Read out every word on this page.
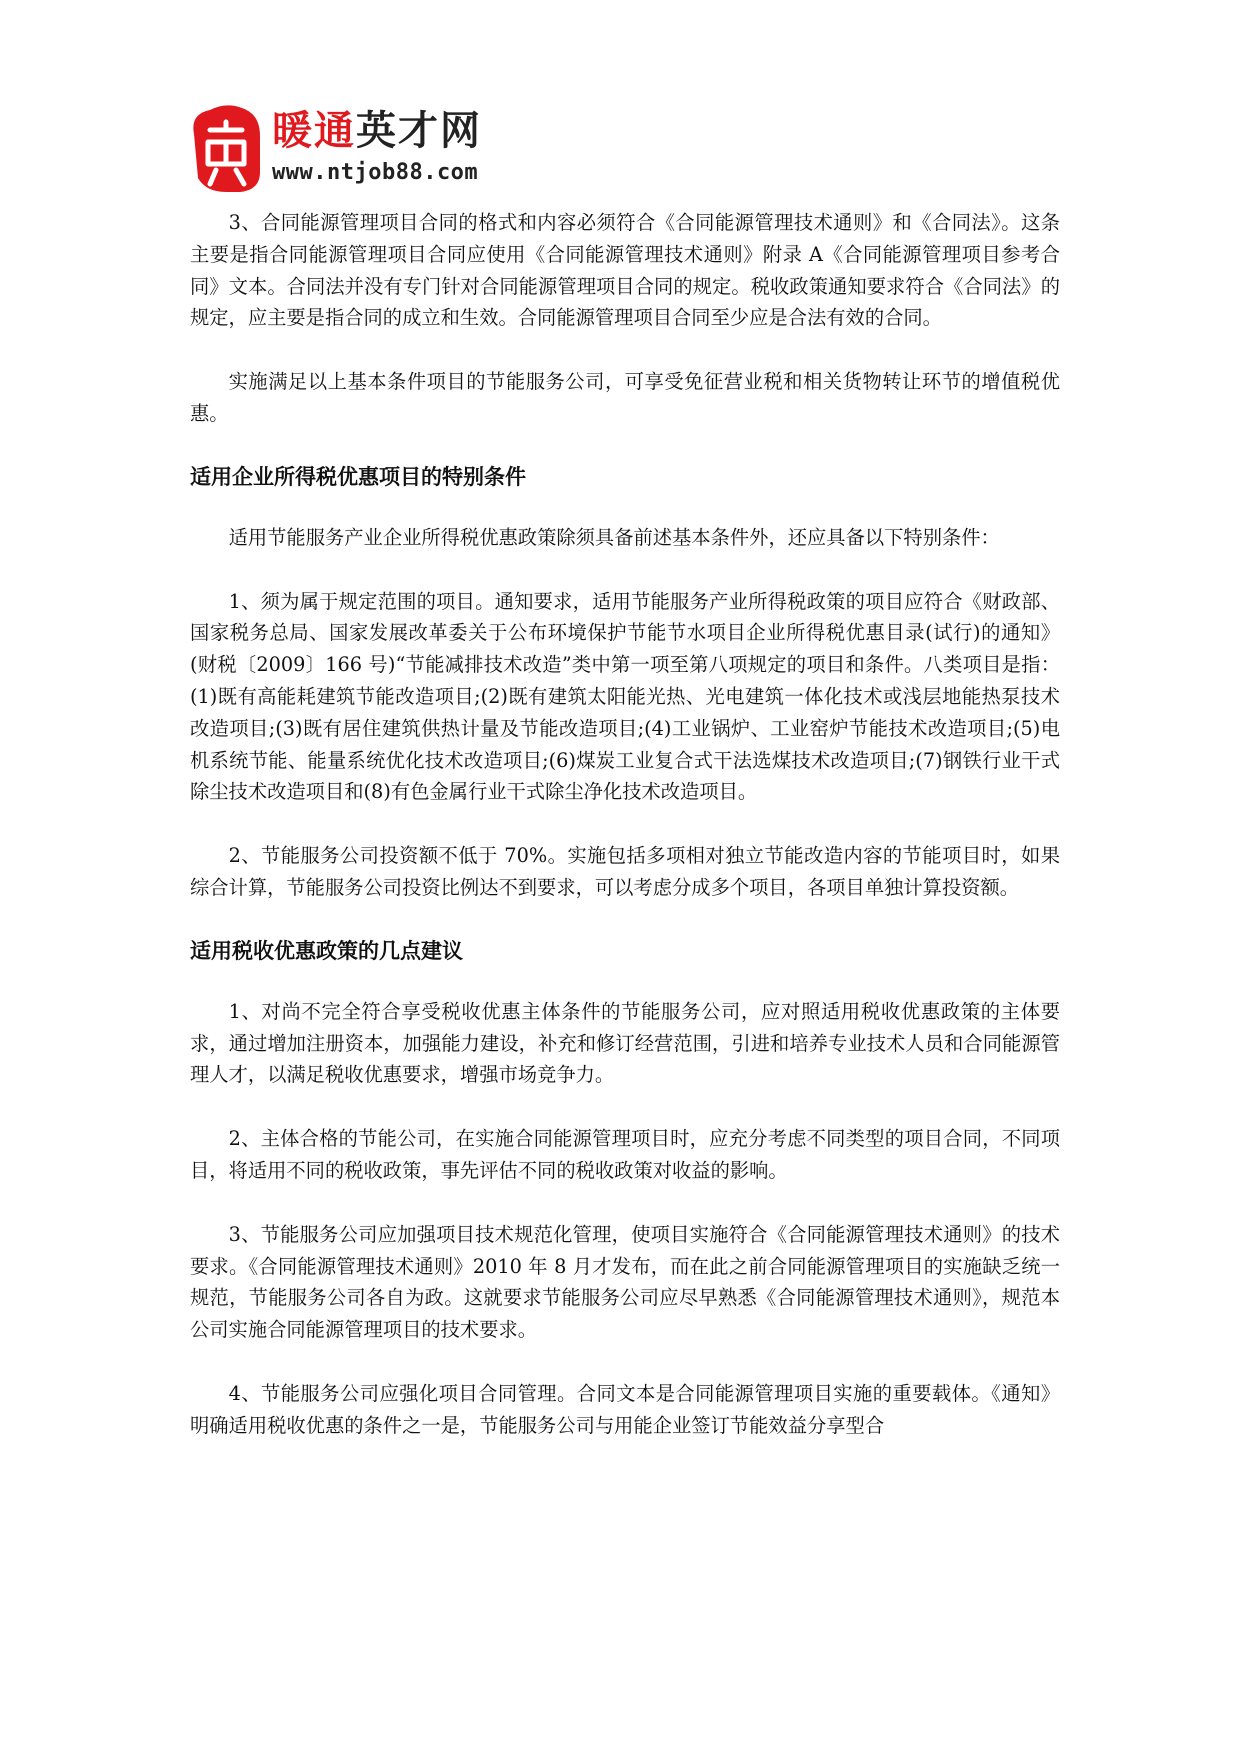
暖通英才网
www.ntjob88.com

3、合同能源管理项目合同的格式和内容必须符合《合同能源管理技术通则》和《合同法》。这条主要是指合同能源管理项目合同应使用《合同能源管理技术通则》附录 A《合同能源管理项目参考合同》文本。合同法并没有专门针对合同能源管理项目合同的规定。税收政策通知要求符合《合同法》的规定，应主要是指合同的成立和生效。合同能源管理项目合同至少应是合法有效的合同。

实施满足以上基本条件项目的节能服务公司，可享受免征营业税和相关货物转让环节的增值税优惠。

适用企业所得税优惠项目的特别条件

适用节能服务产业企业所得税优惠政策除须具备前述基本条件外，还应具备以下特别条件：

1、须为属于规定范围的项目。通知要求，适用节能服务产业所得税政策的项目应符合《财政部、国家税务总局、国家发展改革委关于公布环境保护节能节水项目企业所得税优惠目录(试行)的通知》(财税〔2009〕166 号)“节能减排技术改造”类中第一项至第八项规定的项目和条件。八类项目是指：(1)既有高能耗建筑节能改造项目;(2)既有建筑太阳能光热、光电建筑一体化技术或浅层地能热泵技术改造项目;(3)既有居住建筑供热计量及节能改造项目;(4)工业锅炉、工业窑炉节能技术改造项目;(5)电机系统节能、能量系统优化技术改造项目;(6)煤炭工业复合式干法选煤技术改造项目;(7)钢铁行业干式除尘技术改造项目和(8)有色金属行业干式除尘净化技术改造项目。

2、节能服务公司投资额不低于 70%。实施包括多项相对独立节能改造内容的节能项目时，如果综合计算，节能服务公司投资比例达不到要求，可以考虑分成多个项目，各项目单独计算投资额。

适用税收优惠政策的几点建议

1、对尚不完全符合享受税收优惠主体条件的节能服务公司，应对照适用税收优惠政策的主体要求，通过增加注册资本，加强能力建设，补充和修订经营范围，引进和培养专业技术人员和合同能源管理人才，以满足税收优惠要求，增强市场竞争力。

2、主体合格的节能公司，在实施合同能源管理项目时，应充分考虑不同类型的项目合同，不同项目，将适用不同的税收政策，事先评估不同的税收政策对收益的影响。

3、节能服务公司应加强项目技术规范化管理，使项目实施符合《合同能源管理技术通则》的技术要求。《合同能源管理技术通则》2010 年 8 月才发布，而在此之前合同能源管理项目的实施缺乏统一规范，节能服务公司各自为政。这就要求节能服务公司应尽早熟悉《合同能源管理技术通则》，规范本公司实施合同能源管理项目的技术要求。

4、节能服务公司应强化项目合同管理。合同文本是合同能源管理项目实施的重要载体。《通知》明确适用税收优惠的条件之一是，节能服务公司与用能企业签订节能效益分享型合
